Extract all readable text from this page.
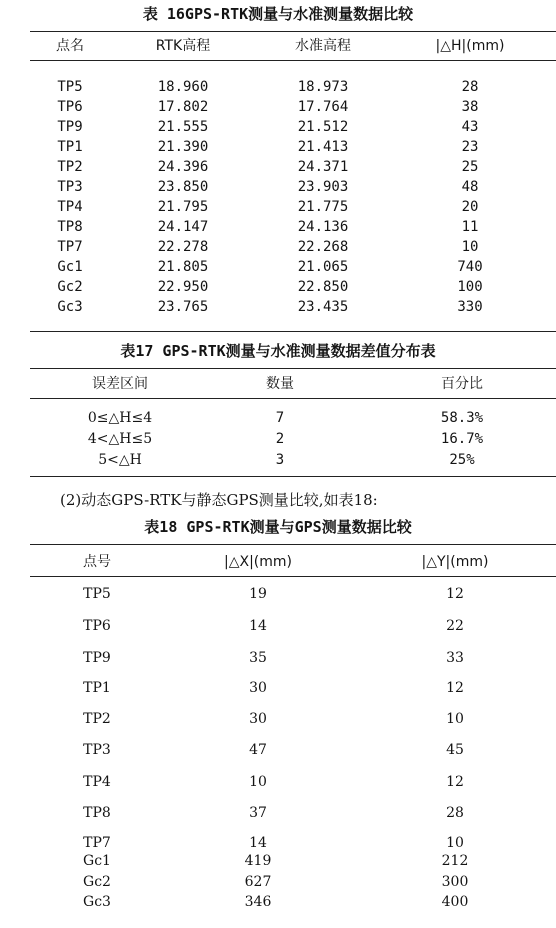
表 16GPS-RTK测量与水准测量数据比较
点名	RTK高程	水准高程	|△H|(mm)
TP5	18.960	18.973	28
TP6	17.802	17.764	38
TP9	21.555	21.512	43
TP1	21.390	21.413	23
TP2	24.396	24.371	25
TP3	23.850	23.903	48
TP4	21.795	21.775	20
TP8	24.147	24.136	11
TP7	22.278	22.268	10
Gc1	21.805	21.065	740
Gc2	22.950	22.850	100
Gc3	23.765	23.435	330
表17 GPS-RTK测量与水准测量数据差值分布表
误差区间	数量	百分比
0≤△H≤4	7	58.3%
4<△H≤5	2	16.7%
5<△H	3	25%
(2)动态GPS-RTK与静态GPS测量比较,如表18:
表18 GPS-RTK测量与GPS测量数据比较
点号	|△X|(mm)	|△Y|(mm)
TP5	19	12
TP6	14	22
TP9	35	33
TP1	30	12
TP2	30	10
TP3	47	45
TP4	10	12
TP8	37	28
TP7	14	10
Gc1	419	212
Gc2	627	300
Gc3	346	400
